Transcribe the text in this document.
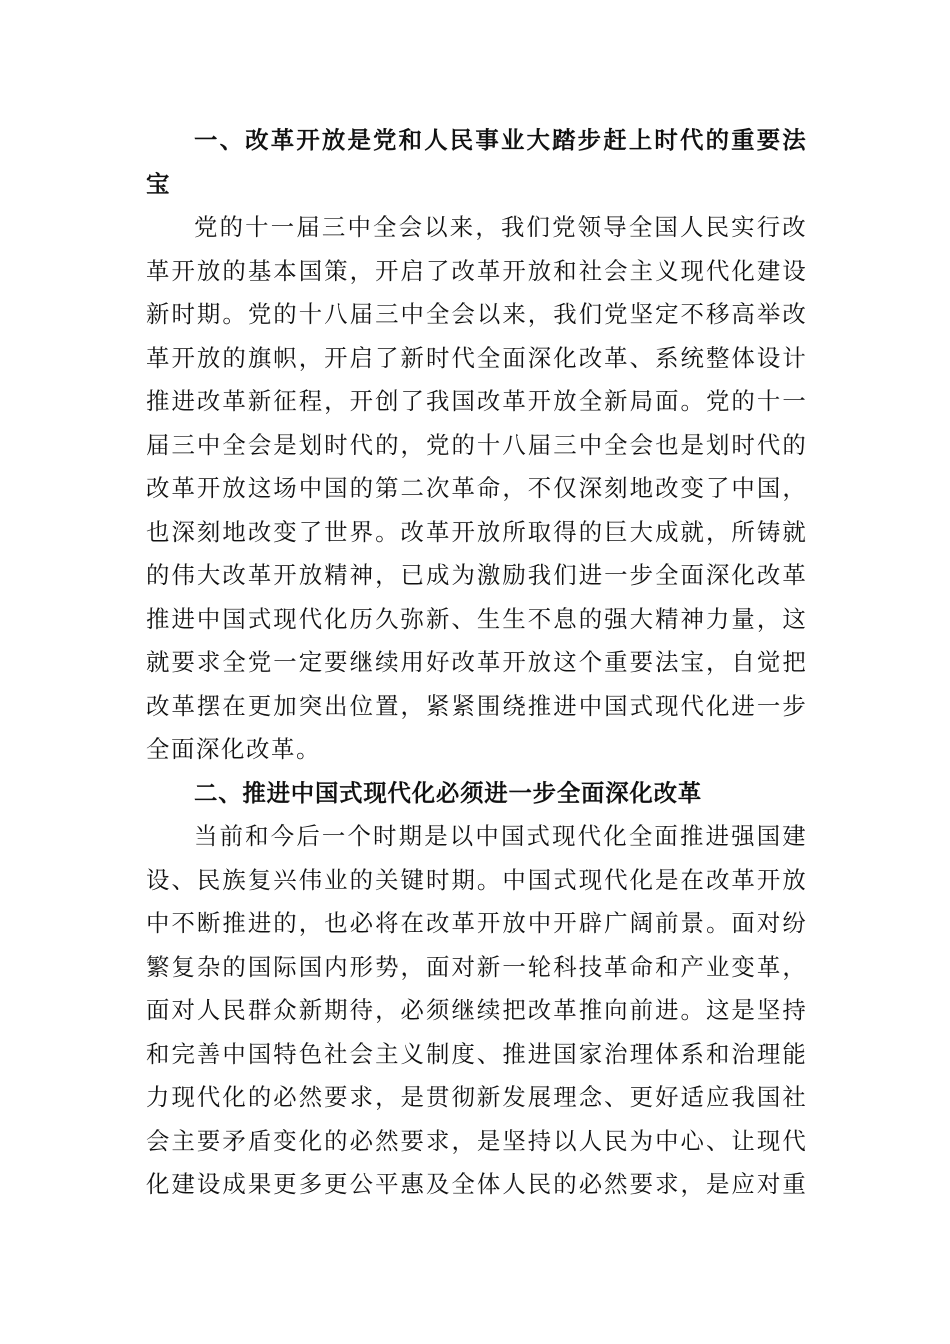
一 、 改 革 开 放 是 党 和 人 民 事 业 大 踏 步 赶 上 时 代 的 重 要 法
宝
党 的 十 一 届 三 中 全 会 以 来 ， 我 们 党 领 导 全 国 人 民 实 行 改
革 开 放 的 基 本 国 策 ， 开 启 了 改 革 开 放 和 社 会 主 义 现 代 化 建 设
新 时 期 。 党 的 十 八 届 三 中 全 会 以 来 ， 我 们 党 坚 定 不 移 高 举 改
革 开 放 的 旗 帜 ， 开 启 了 新 时 代 全 面 深 化 改 革 、 系 统 整 体 设 计
推 进 改 革 新 征 程 ， 开 创 了 我 国 改 革 开 放 全 新 局 面 。 党 的 十 一
届 三 中 全 会 是 划 时 代 的 ， 党 的 十 八 届 三 中 全 会 也 是 划 时 代 的
改 革 开 放 这 场 中 国 的 第 二 次 革 命 ， 不 仅 深 刻 地 改 变 了 中 国 ，
也 深 刻 地 改 变 了 世 界 。 改 革 开 放 所 取 得 的 巨 大 成 就 ， 所 铸 就
的 伟 大 改 革 开 放 精 神 ， 已 成 为 激 励 我 们 进 一 步 全 面 深 化 改 革
推 进 中 国 式 现 代 化 历 久 弥 新 、 生 生 不 息 的 强 大 精 神 力 量 ， 这
就 要 求 全 党 一 定 要 继 续 用 好 改 革 开 放 这 个 重 要 法 宝 ， 自 觉 把
改 革 摆 在 更 加 突 出 位 置 ， 紧 紧 围 绕 推 进 中 国 式 现 代 化 进 一 步
全面深化改革。
二、推进中国式现代化必须进一步全面深化改革
当 前 和 今 后 一 个 时 期 是 以 中 国 式 现 代 化 全 面 推 进 强 国 建
设 、 民 族 复 兴 伟 业 的 关 键 时 期 。 中 国 式 现 代 化 是 在 改 革 开 放
中 不 断 推 进 的 ， 也 必 将 在 改 革 开 放 中 开 辟 广 阔 前 景 。 面 对 纷
繁 复 杂 的 国 际 国 内 形 势 ， 面 对 新 一 轮 科 技 革 命 和 产 业 变 革 ，
面 对 人 民 群 众 新 期 待 ， 必 须 继 续 把 改 革 推 向 前 进 。 这 是 坚 持
和 完 善 中 国 特 色 社 会 主 义 制 度 、 推 进 国 家 治 理 体 系 和 治 理 能
力 现 代 化 的 必 然 要 求 ， 是 贯 彻 新 发 展 理 念 、 更 好 适 应 我 国 社
会 主 要 矛 盾 变 化 的 必 然 要 求 ， 是 坚 持 以 人 民 为 中 心 、 让 现 代
化 建 设 成 果 更 多 更 公 平 惠 及 全 体 人 民 的 必 然 要 求 ， 是 应 对 重
